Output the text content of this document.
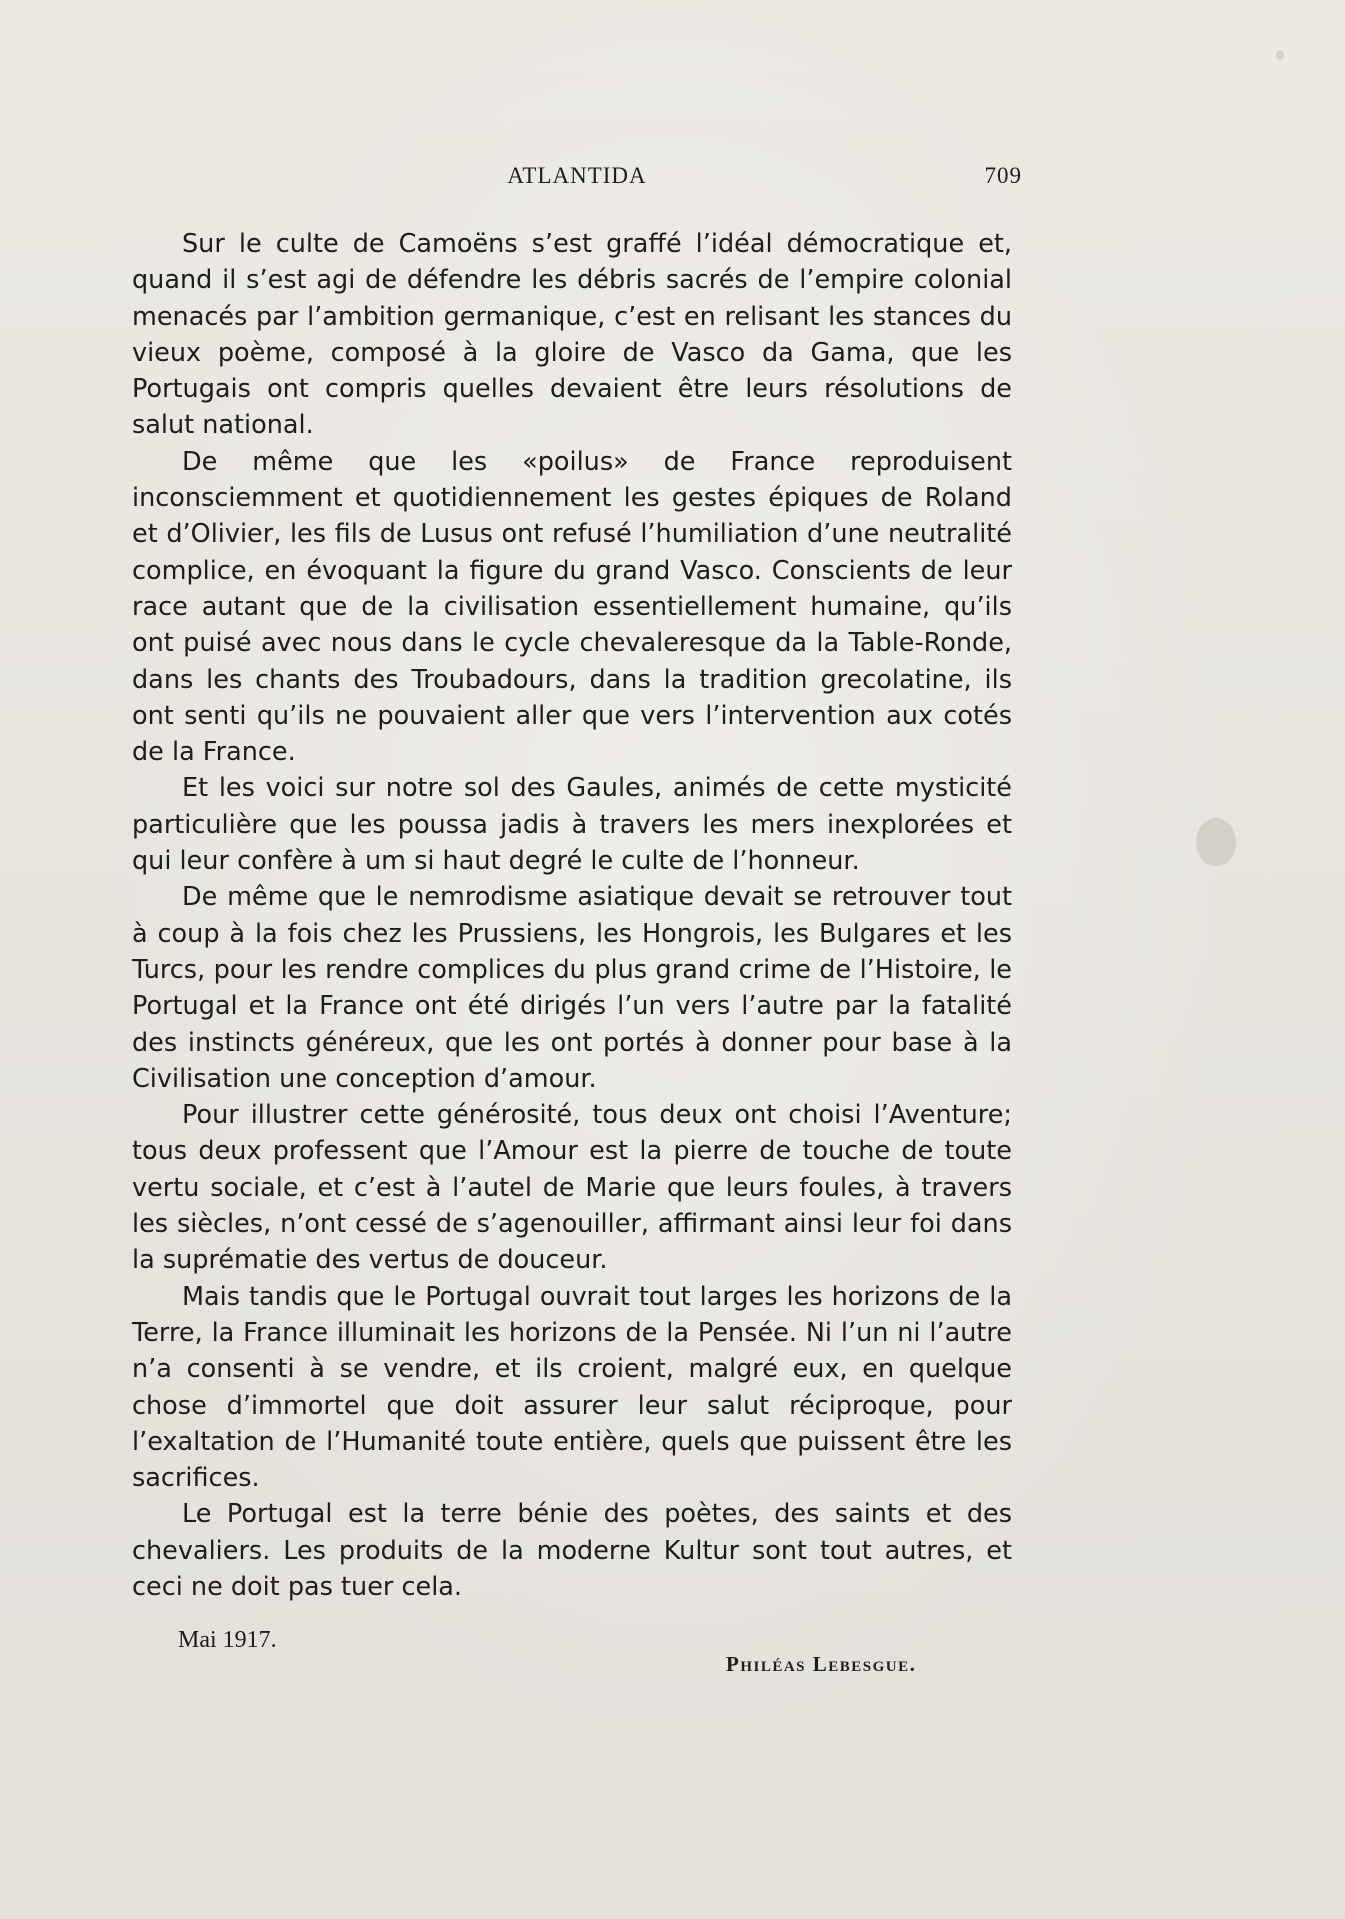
ATLANTIDA	709

Sur le culte de Camoëns s’est graffé l’idéal démocratique et, quand il s’est agi de défendre les débris sacrés de l’empire colonial menacés par l’ambition germanique, c’est en relisant les stances du vieux poème, composé à la gloire de Vasco da Gama, que les Portugais ont compris quelles devaient être leurs résolutions de salut national.

De même que les «poilus» de France reproduisent inconsciemment et quotidiennement les gestes épiques de Roland et d’Olivier, les fils de Lusus ont refusé l’humiliation d’une neutralité complice, en évoquant la figure du grand Vasco. Conscients de leur race autant que de la civilisation essentiellement humaine, qu’ils ont puisé avec nous dans le cycle chevaleresque da la Table-Ronde, dans les chants des Troubadours, dans la tradition grecolatine, ils ont senti qu’ils ne pouvaient aller que vers l’intervention aux cotés de la France.

Et les voici sur notre sol des Gaules, animés de cette mysticité particulière que les poussa jadis à travers les mers inexplorées et qui leur confère à um si haut degré le culte de l’honneur.

De même que le nemrodisme asiatique devait se retrouver tout à coup à la fois chez les Prussiens, les Hongrois, les Bulgares et les Turcs, pour les rendre complices du plus grand crime de l’Histoire, le Portugal et la France ont été dirigés l’un vers l’autre par la fatalité des instincts généreux, que les ont portés à donner pour base à la Civilisation une conception d’amour.

Pour illustrer cette générosité, tous deux ont choisi l’Aventure; tous deux professent que l’Amour est la pierre de touche de toute vertu sociale, et c’est à l’autel de Marie que leurs foules, à travers les siècles, n’ont cessé de s’agenouiller, affirmant ainsi leur foi dans la suprématie des vertus de douceur.

Mais tandis que le Portugal ouvrait tout larges les horizons de la Terre, la France illuminait les horizons de la Pensée. Ni l’un ni l’autre n’a consenti à se vendre, et ils croient, malgré eux, en quelque chose d’immortel que doit assurer leur salut réciproque, pour l’exaltation de l’Humanité toute entière, quels que puissent être les sacrifices.

Le Portugal est la terre bénie des poètes, des saints et des chevaliers. Les produits de la moderne Kultur sont tout autres, et ceci ne doit pas tuer cela.

Mai 1917.
Philéas Lebesgue.
